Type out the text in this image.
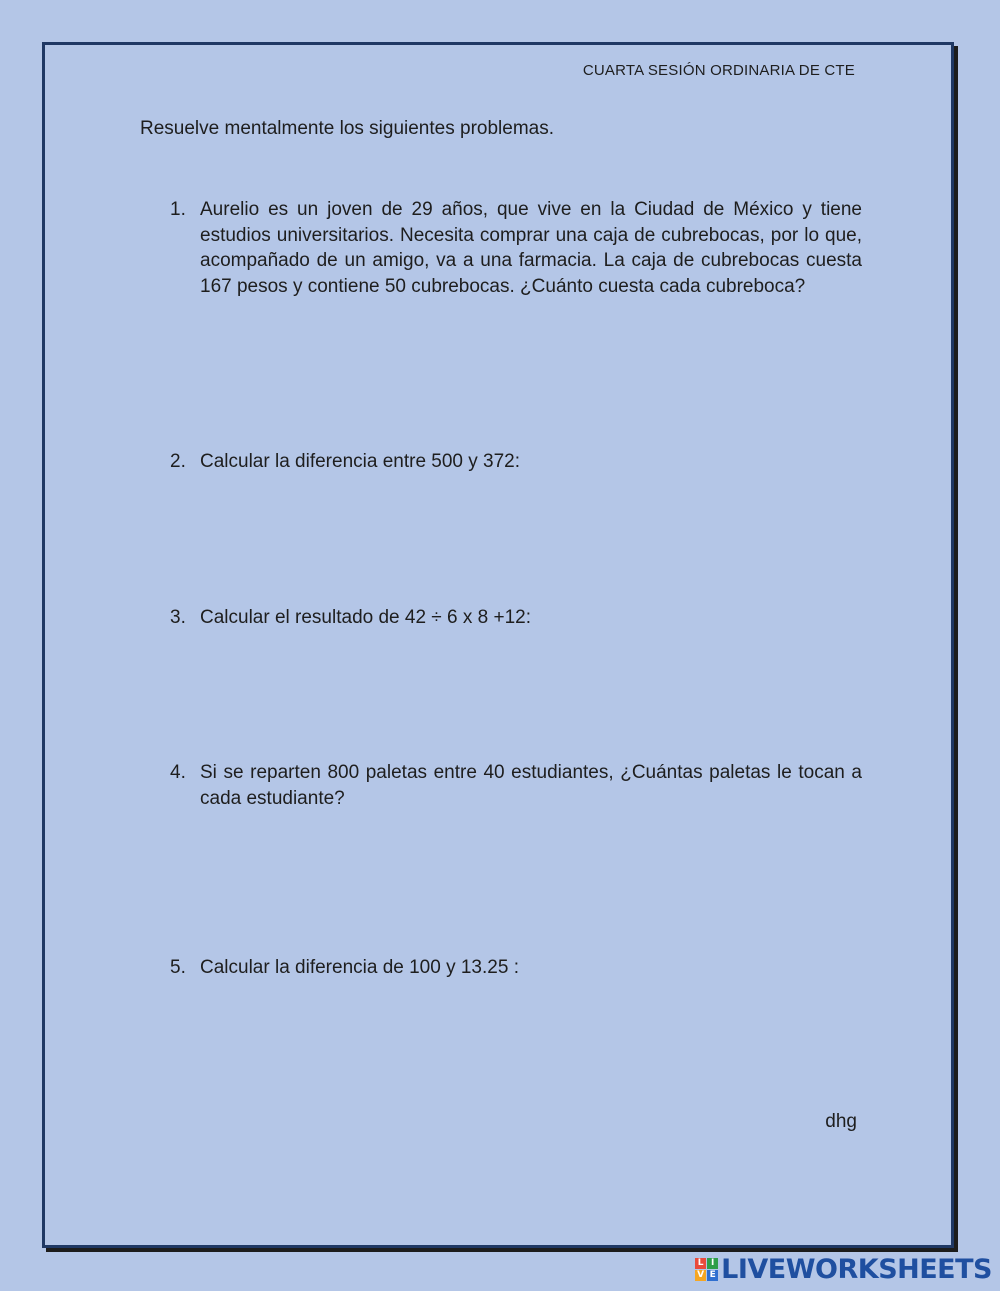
CUARTA SESIÓN ORDINARIA DE CTE
Resuelve mentalmente los siguientes problemas.
1. Aurelio es un joven de 29 años, que vive en la Ciudad de México y tiene estudios universitarios. Necesita comprar una caja de cubrebocas, por lo que, acompañado de un amigo, va a una farmacia. La caja de cubrebocas cuesta 167 pesos y contiene 50 cubrebocas. ¿Cuánto cuesta cada cubreboca?
2. Calcular la diferencia entre 500 y 372:
3. Calcular el resultado de 42 ÷ 6 x 8 +12:
4. Si se reparten 800 paletas entre 40 estudiantes, ¿Cuántas paletas le tocan a cada estudiante?
5. Calcular la diferencia de 100 y 13.25 :
dhg
L I
V E LIVEWORKSHEETS
